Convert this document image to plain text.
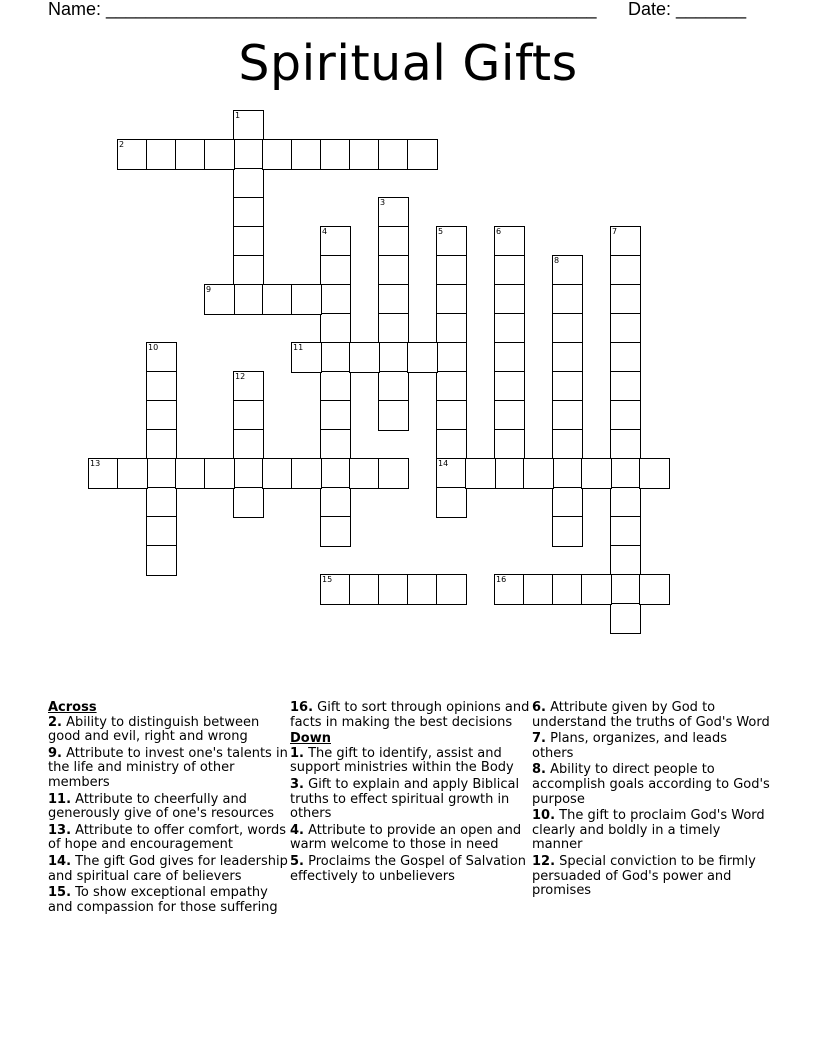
Name: _________________________________________________ Date: _______
Spiritual Gifts
1
2
3
4	5
14
6	7
8
9
10	11
12
13
15	16

Across

2. Ability to distinguish between good and evil, right and wrong

9. Attribute to invest one's talents in the life and ministry of other members

11. Attribute to cheerfully and generously give of one's resources

13. Attribute to offer comfort, words of hope and encouragement

14. The gift God gives for leadership and spiritual care of believers

15. To show exceptional empathy and compassion for those suffering

16. Gift to sort through opinions and facts in making the best decisions

Down

1. The gift to identify, assist and support ministries within the Body

3. Gift to explain and apply Biblical truths to effect spiritual growth in others

4. Attribute to provide an open and warm welcome to those in need

5. Proclaims the Gospel of Salvation effectively to unbelievers

6. Attribute given by God to understand the truths of God's Word

7. Plans, organizes, and leads others

8. Ability to direct people to accomplish goals according to God's purpose

10. The gift to proclaim God's Word clearly and boldly in a timely manner

12. Special conviction to be firmly persuaded of God's power and promises
